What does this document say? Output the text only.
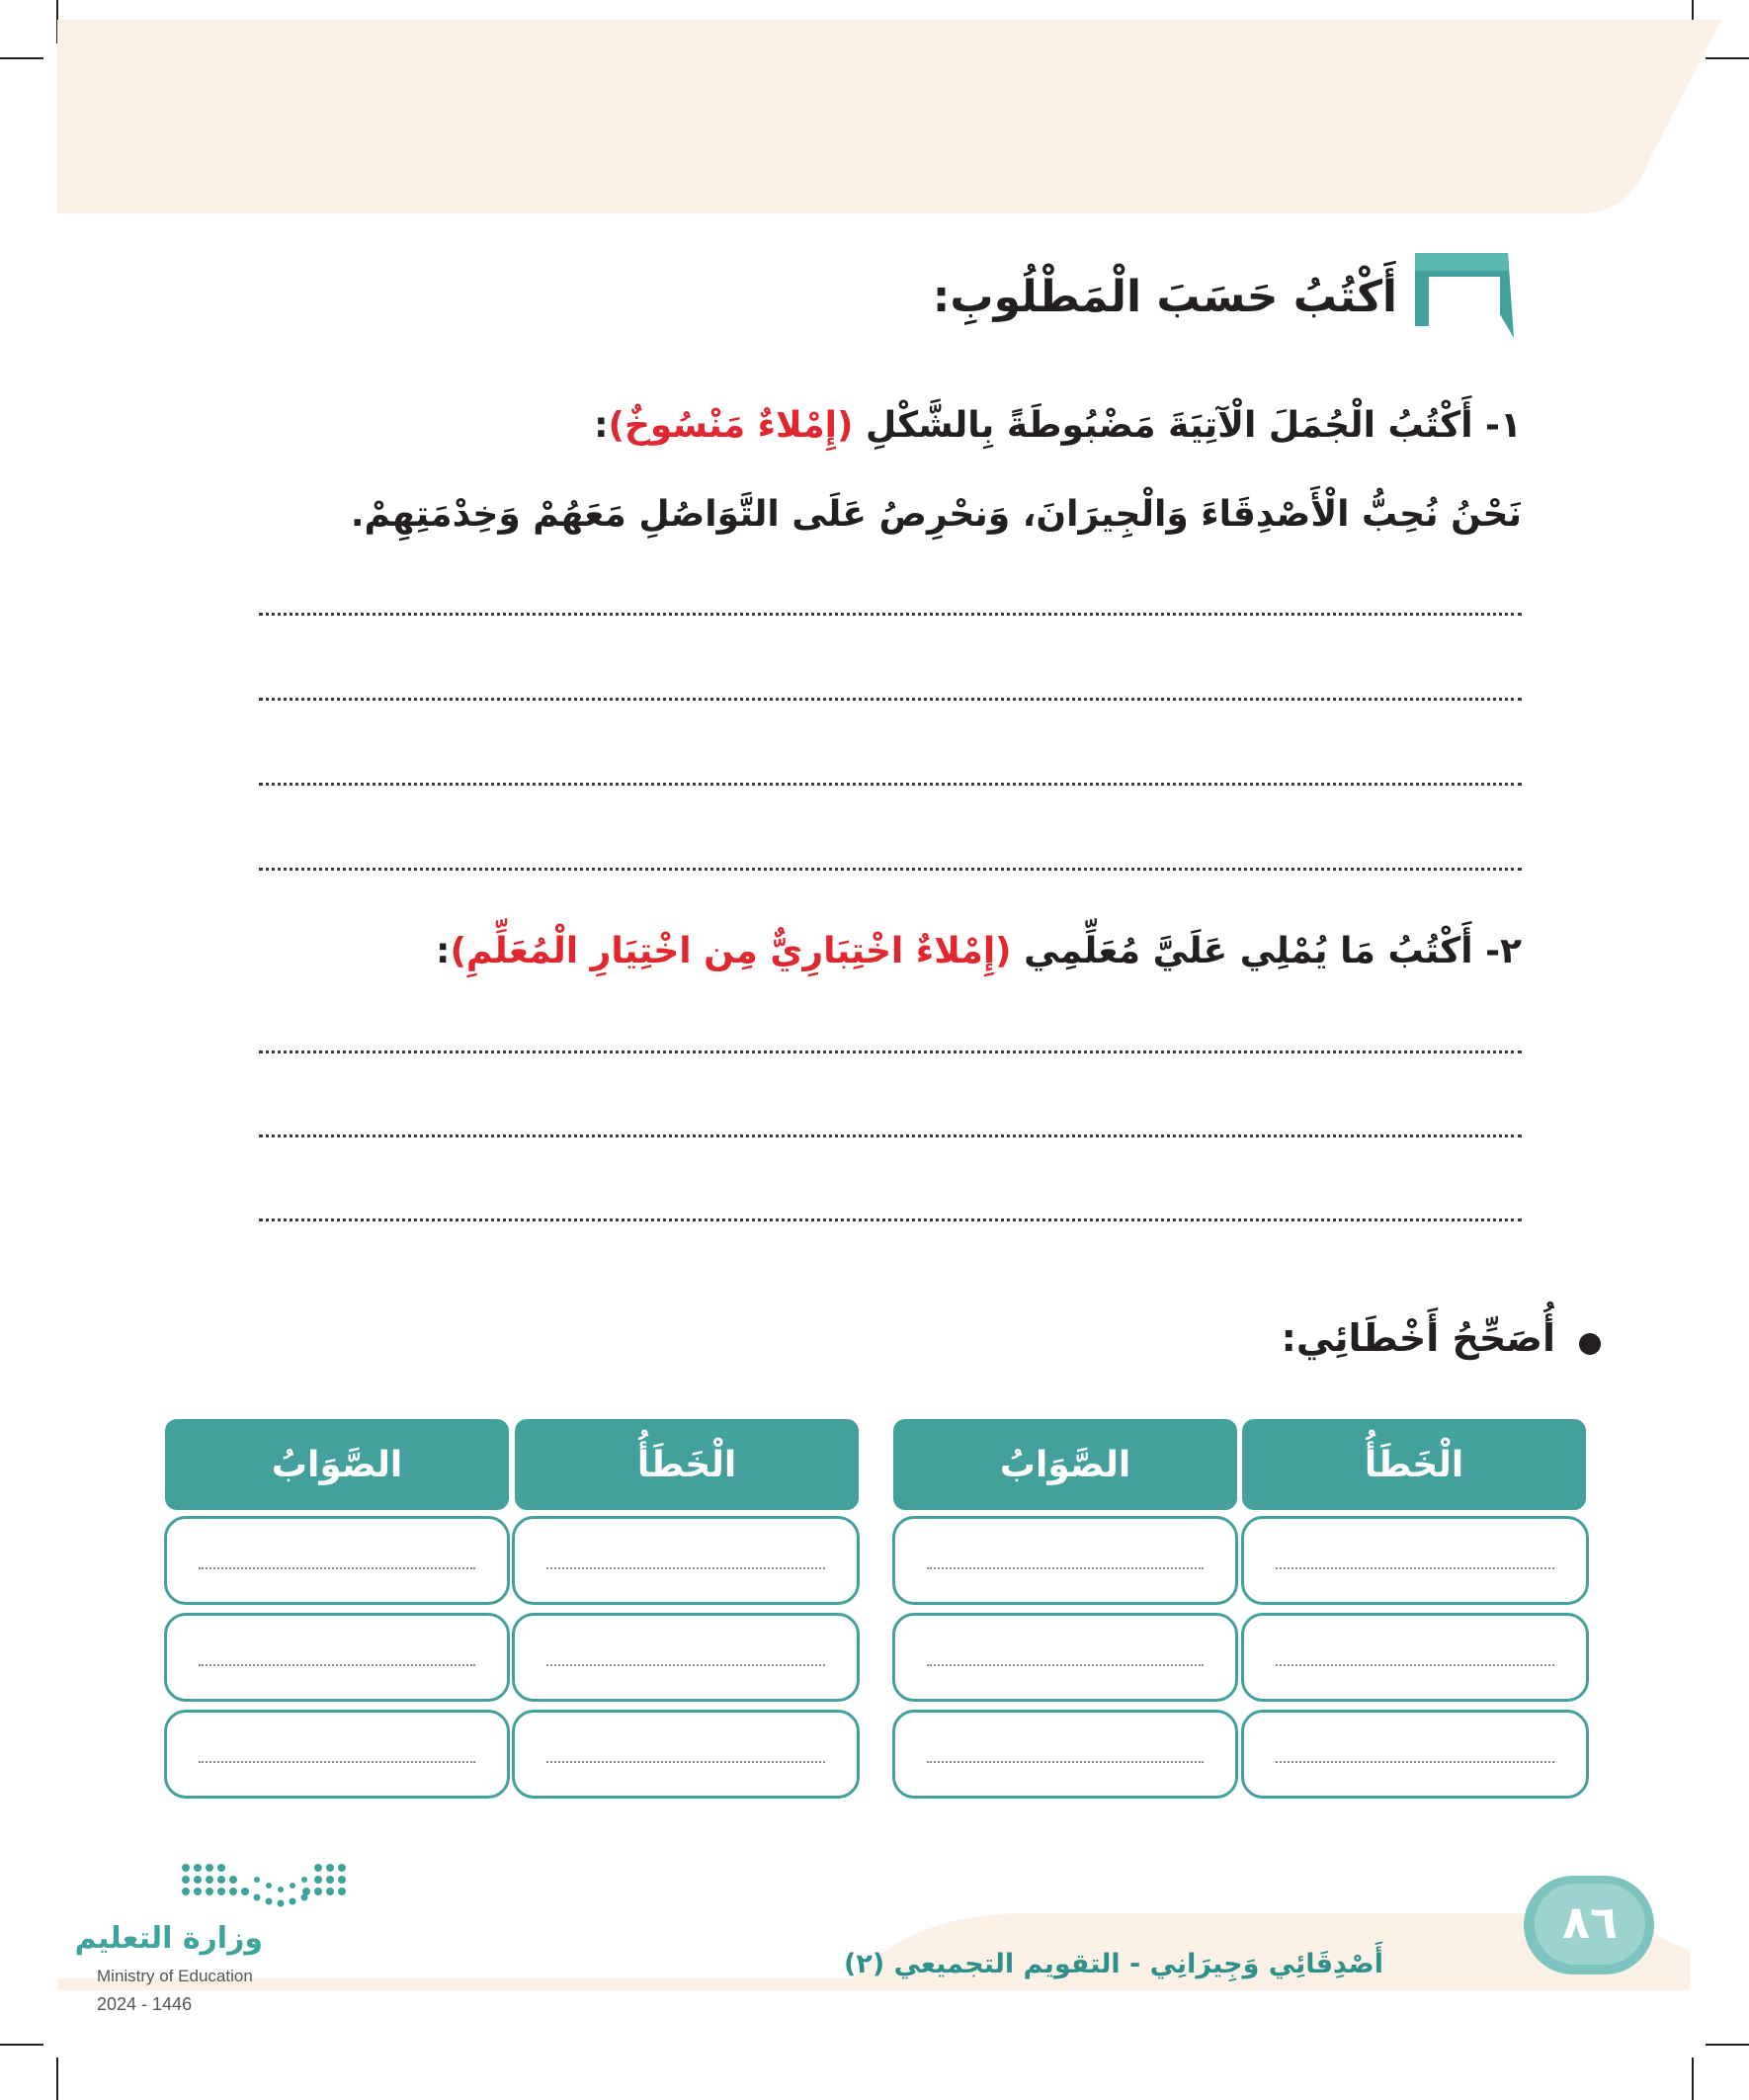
أَكْتُبُ حَسَبَ الْمَطْلُوبِ:
١- أَكْتُبُ الْجُمَلَ الْآتِيَةَ مَضْبُوطَةً بِالشَّكْلِ (إِمْلاءٌ مَنْسُوخٌ):
نَحْنُ نُحِبُّ الْأَصْدِقَاءَ وَالْجِيرَانَ، وَنحْرِصُ عَلَى التَّوَاصُلِ مَعَهُمْ وَخِدْمَتِهِمْ.
٢- أَكْتُبُ مَا يُمْلِي عَلَيَّ مُعَلِّمِي (إِمْلاءٌ اخْتِبَارِيٌّ مِن اخْتِيَارِ الْمُعَلِّمِ):
أُصَحِّحُ أَخْطَائِي:
الْخَطَأُ
الصَّوَابُ
الْخَطَأُ
الصَّوَابُ
٨٦
أَصْدِقَائِي وَجِيرَانِي - التقويم التجميعي (٢)
وزارة التعليم
Ministry of Education
2024 - 1446
